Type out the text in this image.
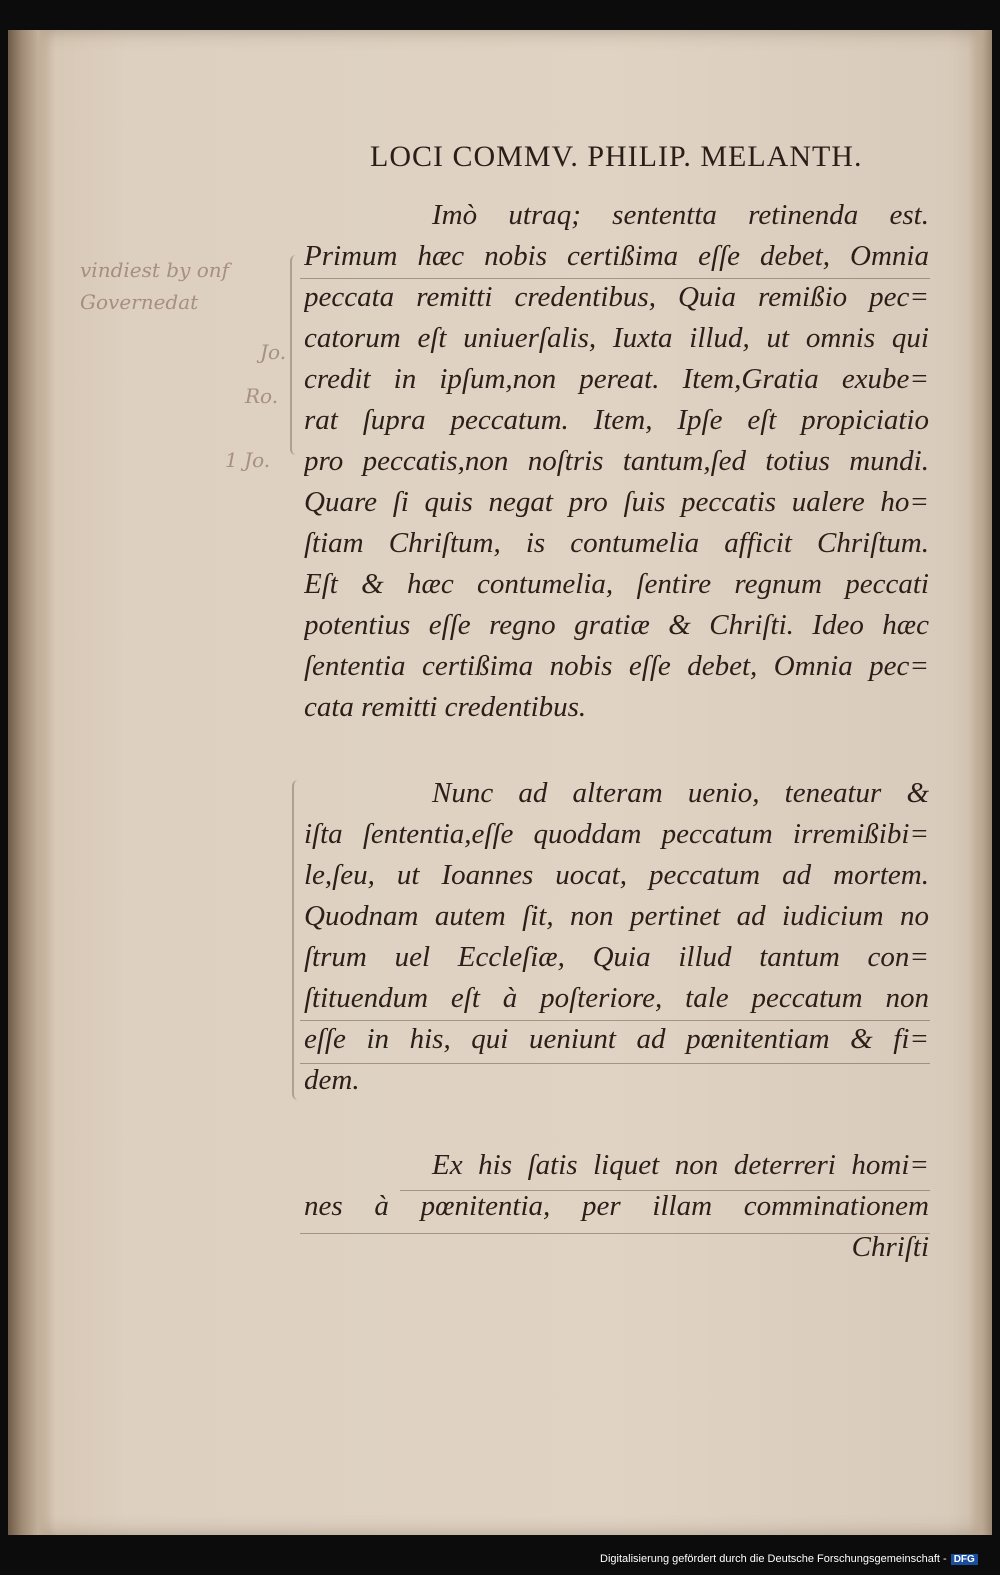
LOCI COMMV. PHILIP. MELANTH.
vindiest by onf
Governedat
Jo.
Ro.
1 Jo.
Imò utraq; sententta retinenda est.
Primum hæc nobis certißima eſſe debet, Omnia
peccata remitti credentibus, Quia remißio pec=
catorum eſt uniuerſalis, Iuxta illud, ut omnis qui
credit in ipſum,non pereat. Item,Gratia exube=
rat ſupra peccatum. Item, Ipſe eſt propiciatio
pro peccatis,non noſtris tantum,ſed totius mundi.
Quare ſi quis negat pro ſuis peccatis ualere ho=
ſtiam Chriſtum, is contumelia afficit Chriſtum.
Eſt & hæc contumelia, ſentire regnum peccati
potentius eſſe regno gratiæ & Chriſti. Ideo hæc
ſententia certißima nobis eſſe debet, Omnia pec=
cata remitti credentibus.
Nunc ad alteram uenio, teneatur &
iſta ſententia,eſſe quoddam peccatum irremißibi=
le,ſeu, ut Ioannes uocat, peccatum ad mortem.
Quodnam autem ſit, non pertinet ad iudicium no
ſtrum uel Eccleſiæ, Quia illud tantum con=
ſtituendum eſt à poſteriore, tale peccatum non
eſſe in his, qui ueniunt ad pœnitentiam & fi=
dem.
Ex his ſatis liquet non deterreri homi=
nes à pœnitentia, per illam comminationem
Chriſti
Digitalisierung gefördert durch die Deutsche Forschungsgemeinschaft - DFG
